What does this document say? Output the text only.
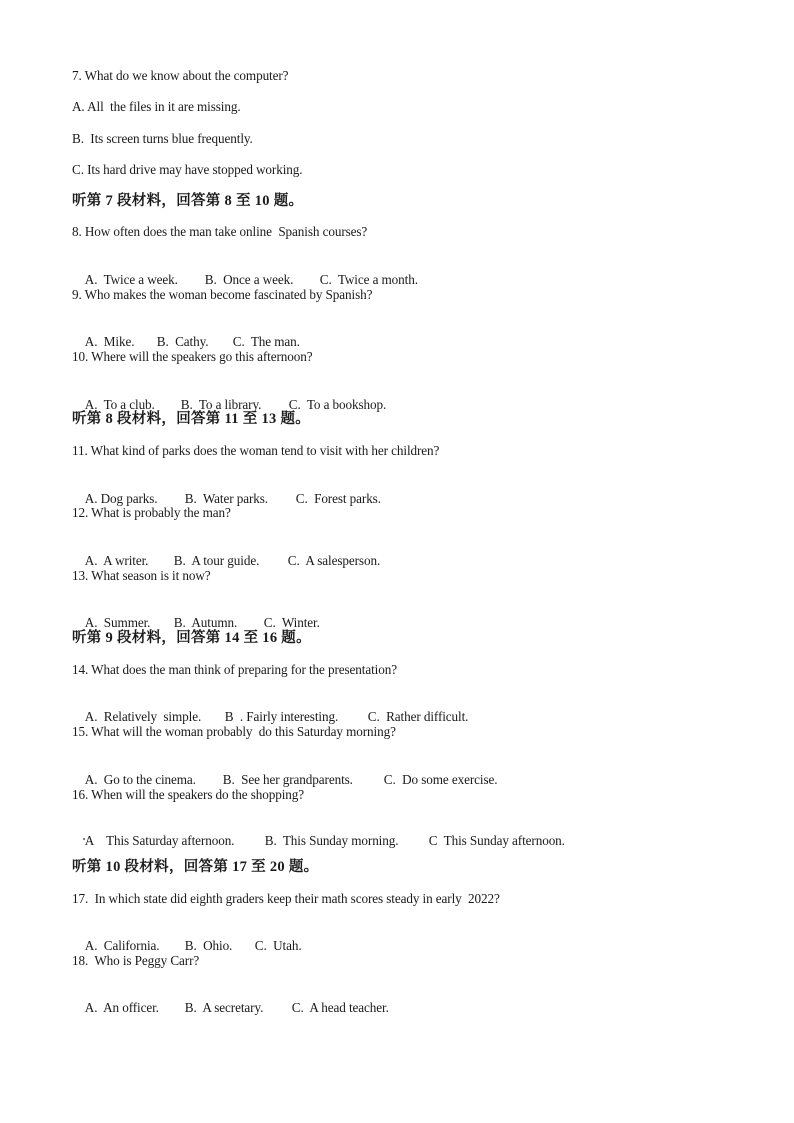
7. What do we know about the computer?
A. All  the files in it are missing.
B.  Its screen turns blue frequently.
C. Its hard drive may have stopped working.
听第 7 段材料，回答第 8 至 10 题。
8. How often does the man take online  Spanish courses?

A.  Twice a week. B.  Once a week. C.  Twice a month.

9. Who makes the woman become fascinated by Spanish?

A.  Mike. B.  Cathy. C.  The man.

10. Where will the speakers go this afternoon?

A.  To a club. B.  To a library. C.  To a bookshop.

听第 8 段材料，回答第 11 至 13 题。
11. What kind of parks does the woman tend to visit with her children?

A. Dog parks. B.  Water parks. C.  Forest parks.

12. What is probably the man?

A.  A writer. B.  A tour guide. C.  A salesperson.

13. What season is it now?

A.  Summer. B.  Autumn. C.  Winter.

听第 9 段材料，回答第 14 至 16 题。
14. What does the man think of preparing for the presentation?

A.  Relatively  simple. B  . Fairly interesting. C.  Rather difficult.

15. What will the woman probably  do this Saturday morning?

A.  Go to the cinema. B.  See her grandparents. C.  Do some exercise.

16. When will the speakers do the shopping?

A    This Saturday afternoon. B.  This Sunday morning. C  This Sunday afternoon.

听第 10 段材料，回答第 17 至 20 题。
17.  In which state did eighth graders keep their math scores steady in early  2022?

A.  California. B.  Ohio. C.  Utah.

18.  Who is Peggy Carr?

A.  An officer. B.  A secretary. C.  A head teacher.
